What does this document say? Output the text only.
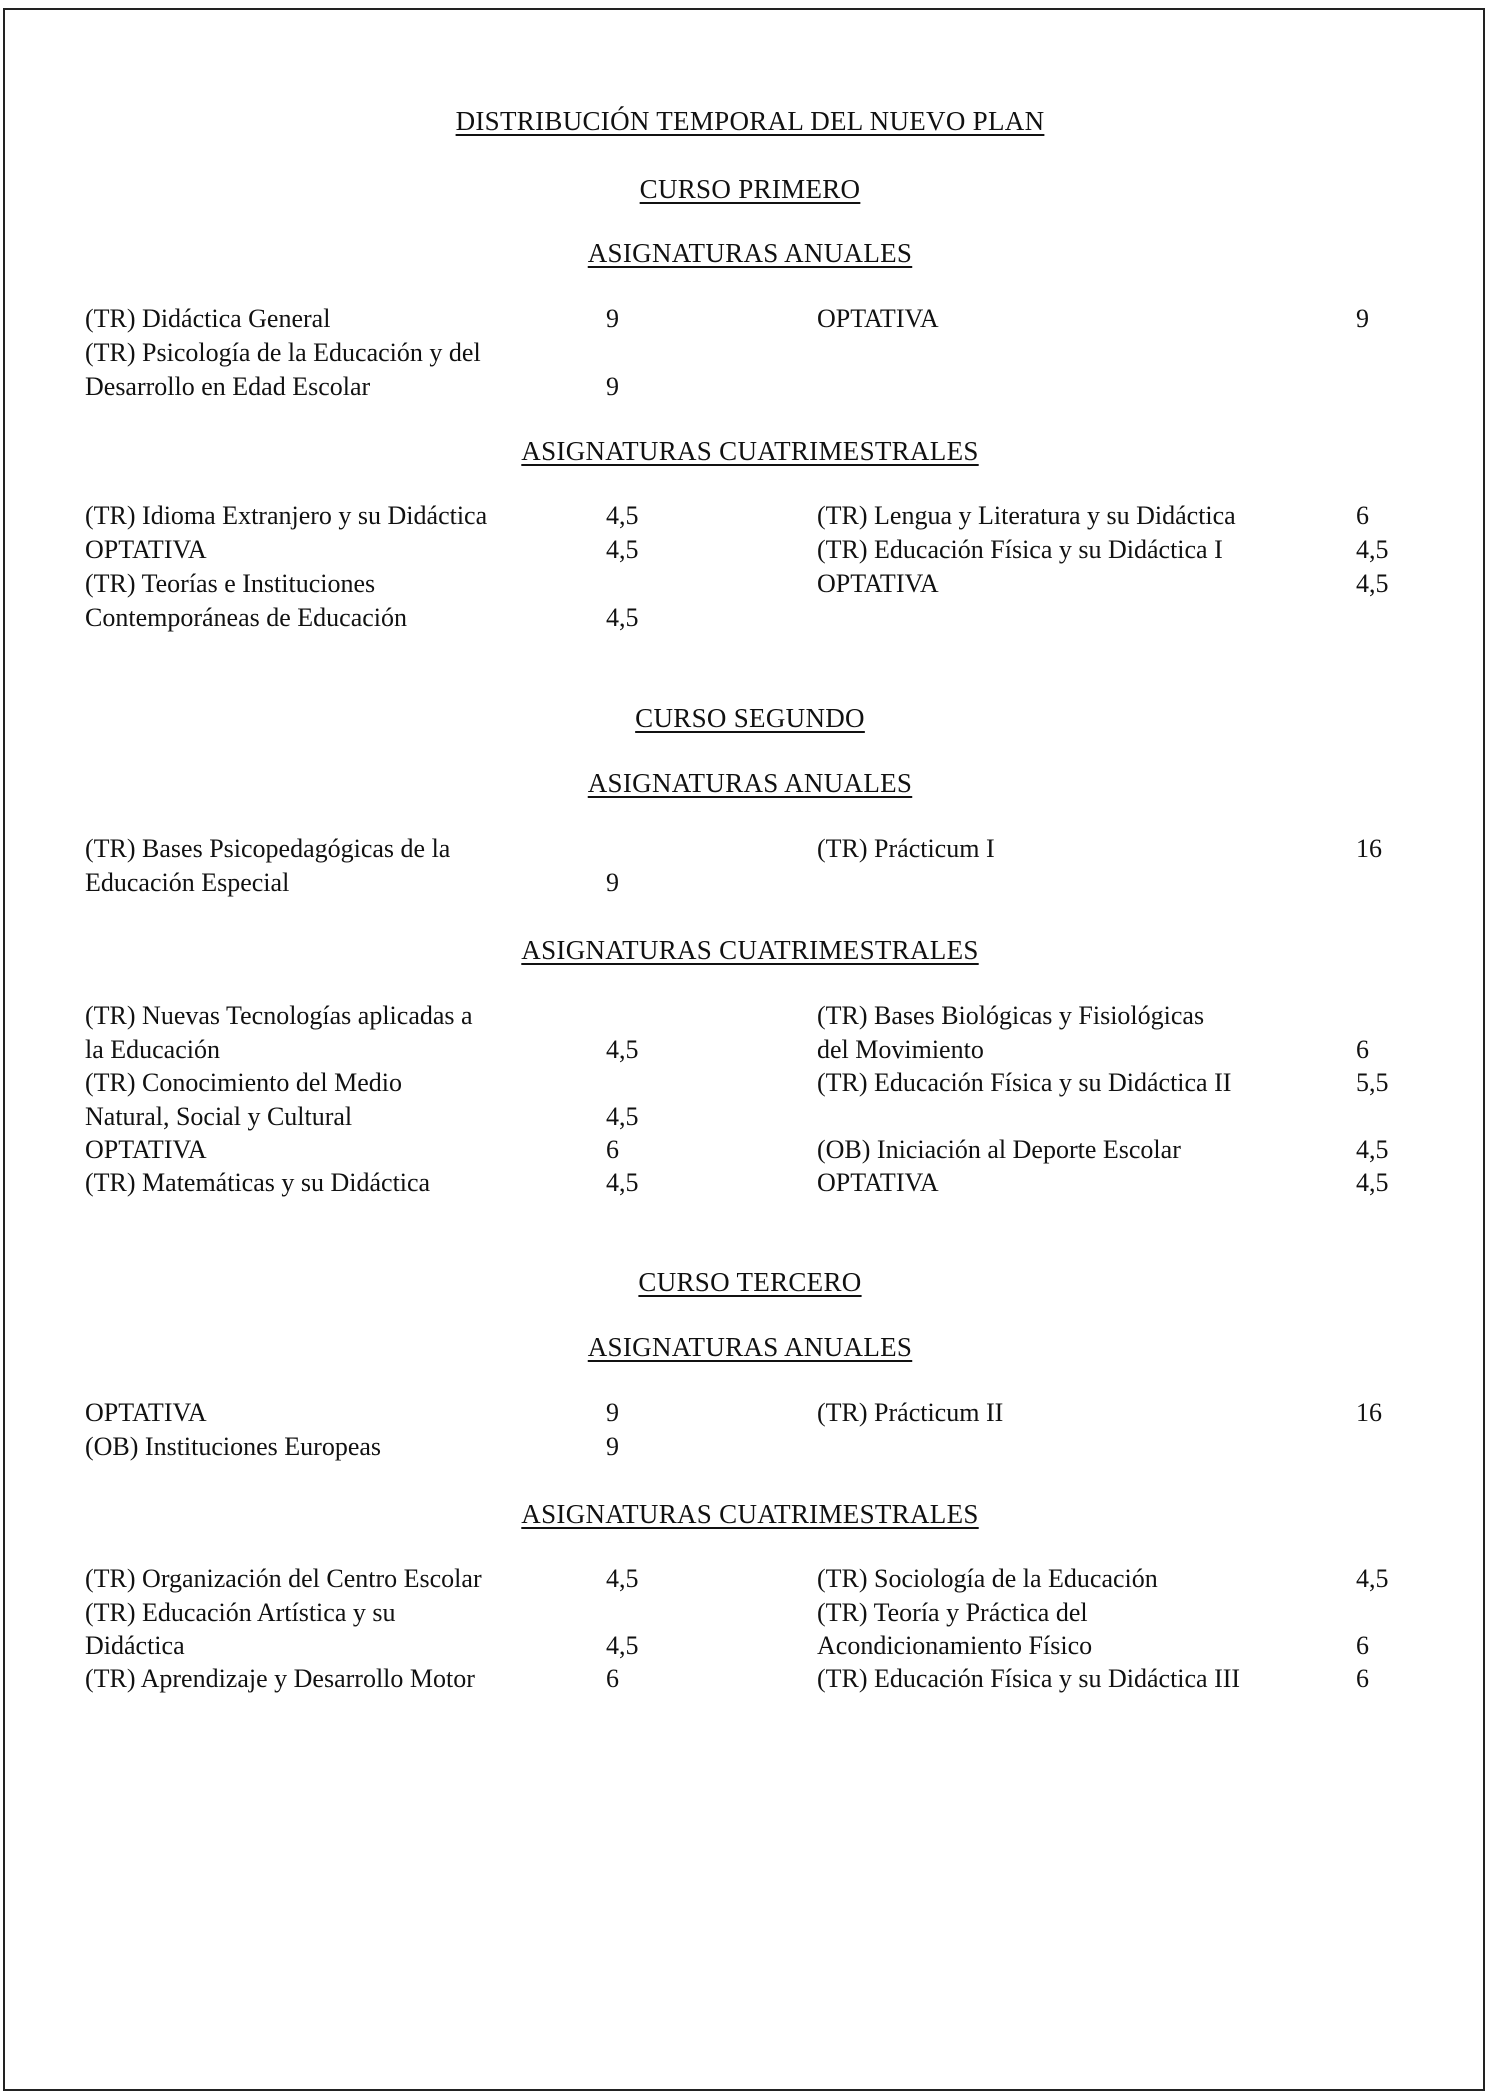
DISTRIBUCIÓN TEMPORAL DEL NUEVO PLAN
CURSO PRIMERO
ASIGNATURAS ANUALES
(TR) Didáctica General	9	OPTATIVA	9
(TR) Psicología de la Educación y del
Desarrollo en Edad Escolar	9
ASIGNATURAS CUATRIMESTRALES
(TR) Idioma Extranjero y su Didáctica	4,5	(TR) Lengua y Literatura y su Didáctica	6
OPTATIVA	4,5	(TR) Educación Física y su Didáctica I	4,5
(TR) Teorías e Instituciones	OPTATIVA	4,5
Contemporáneas de Educación	4,5
CURSO SEGUNDO
ASIGNATURAS ANUALES
(TR) Bases Psicopedagógicas de la	(TR) Prácticum I	16
Educación Especial	9
ASIGNATURAS CUATRIMESTRALES
(TR) Nuevas Tecnologías aplicadas a	(TR) Bases Biológicas y Fisiológicas
la Educación	4,5	del Movimiento	6
(TR) Conocimiento del Medio	(TR) Educación Física y su Didáctica II	5,5
Natural, Social y Cultural	4,5
OPTATIVA	6	(OB) Iniciación al Deporte Escolar	4,5
(TR) Matemáticas y su Didáctica	4,5	OPTATIVA	4,5
CURSO TERCERO
ASIGNATURAS ANUALES
OPTATIVA	9	(TR) Prácticum II	16
(OB) Instituciones Europeas	9
ASIGNATURAS CUATRIMESTRALES
(TR) Organización del Centro Escolar	4,5	(TR) Sociología de la Educación	4,5
(TR) Educación Artística y su	(TR) Teoría y Práctica del
Didáctica	4,5	Acondicionamiento Físico	6
(TR) Aprendizaje y Desarrollo Motor	6	(TR) Educación Física y su Didáctica III	6
